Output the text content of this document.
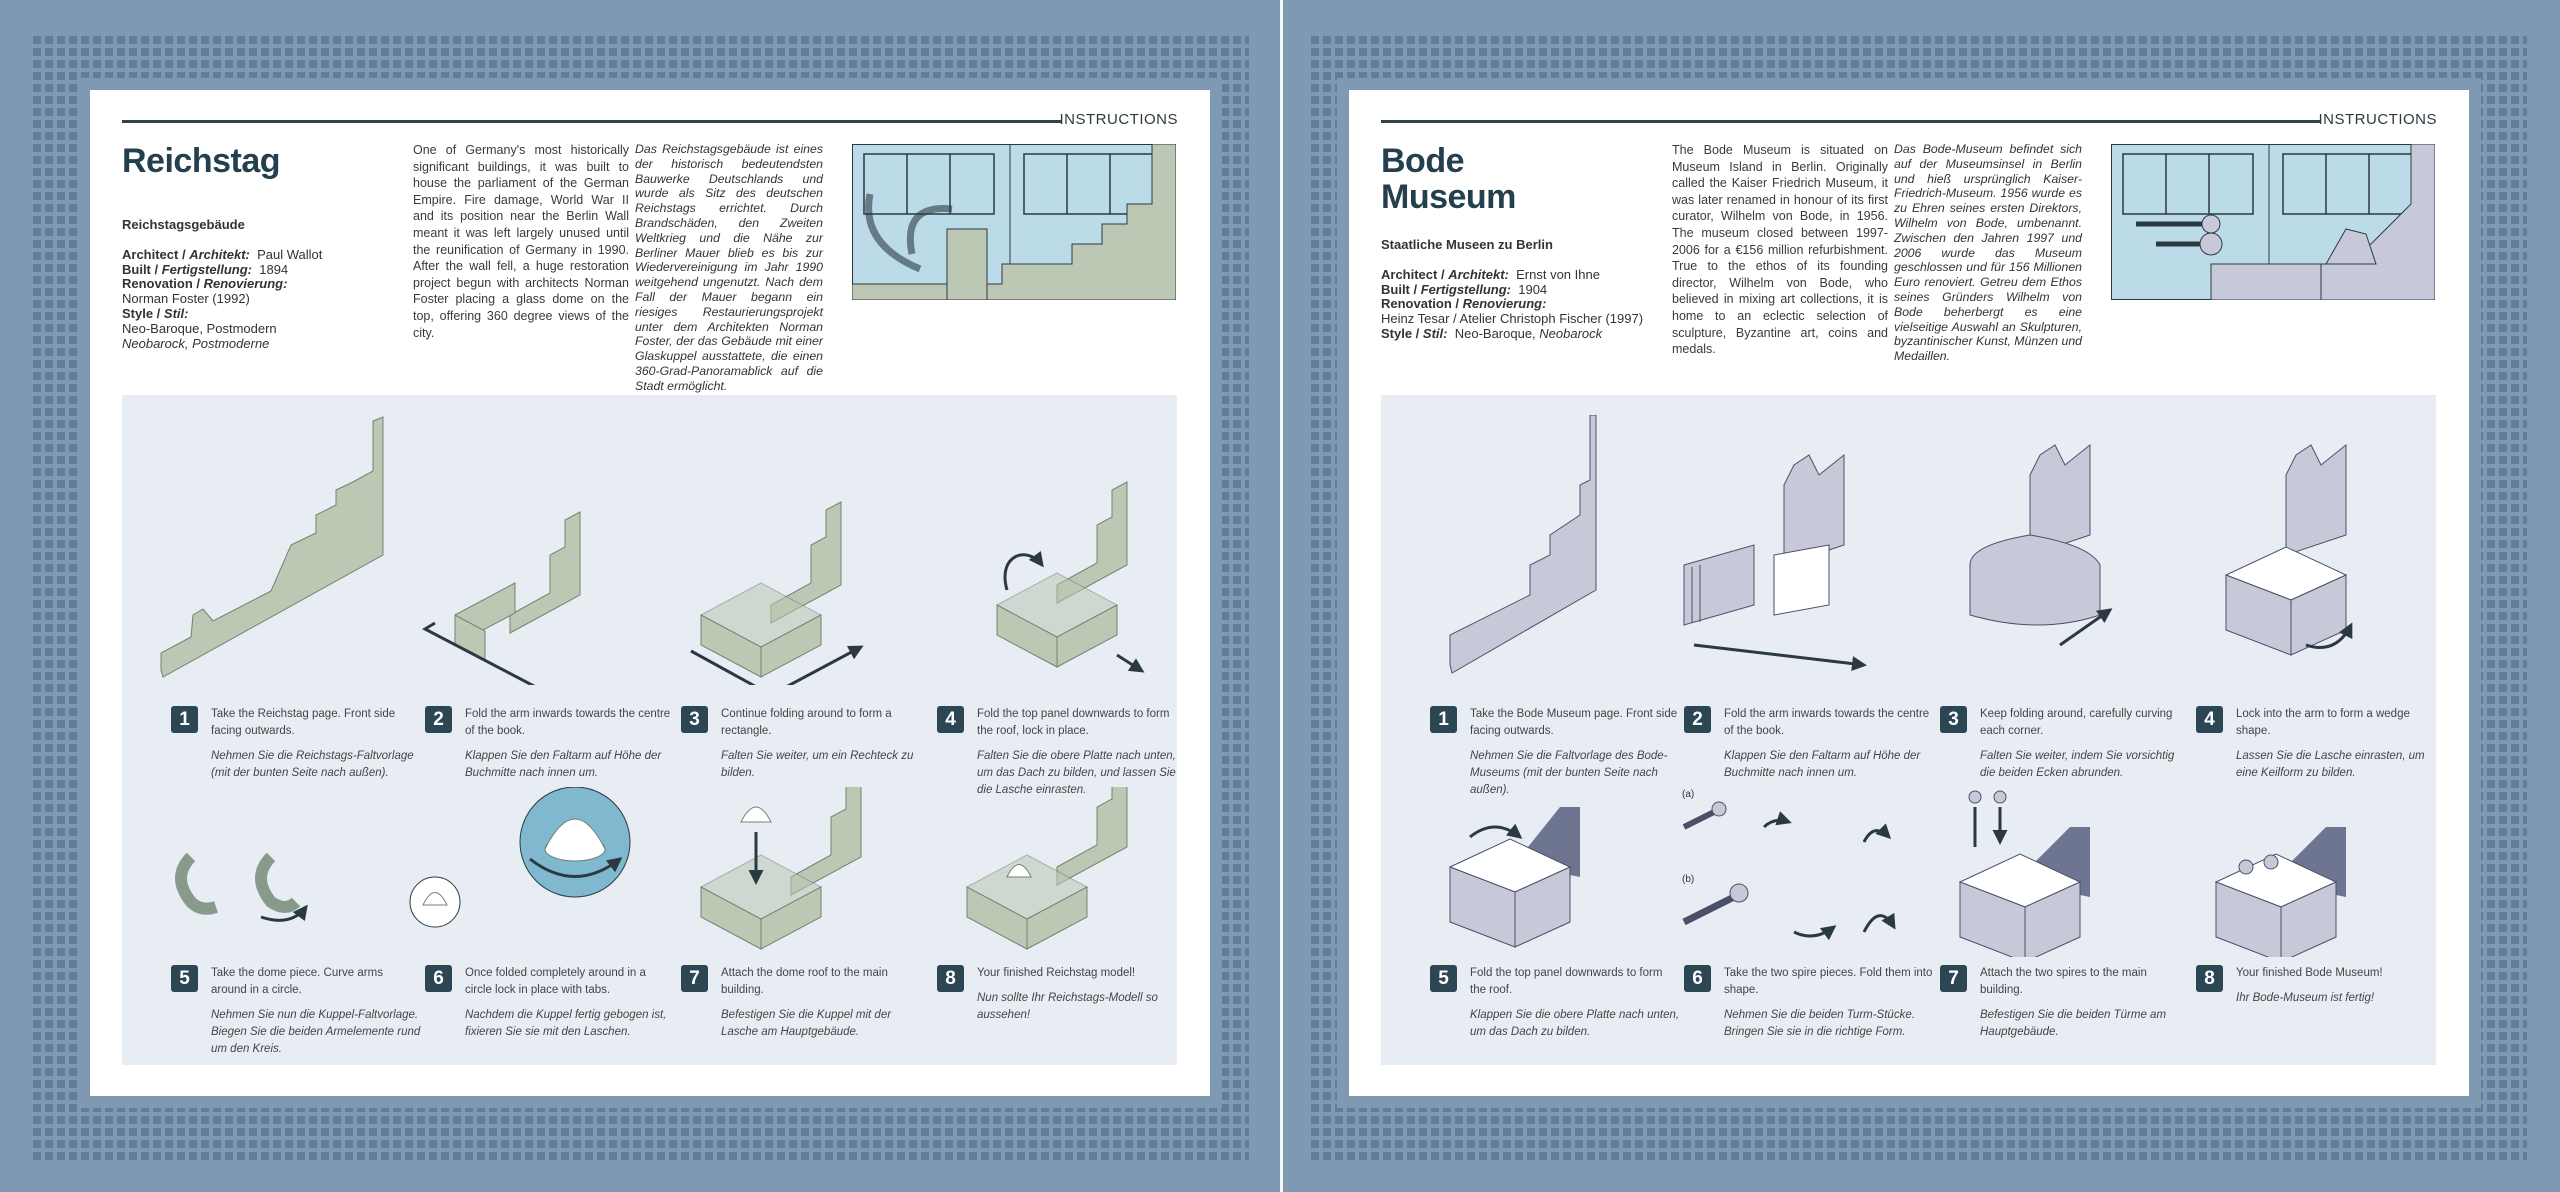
INSTRUCTIONS
Reichstag
Reichstagsgebäude
Architect / Architekt: Paul Wallot
Built / Fertigstellung: 1894
Renovation / Renovierung:
Norman Foster (1992)
Style / Stil:
Neo-Baroque, Postmodern
Neobarock, Postmoderne
One of Germany's most historically significant buildings, it was built to house the parliament of the German Empire. Fire damage, World War II and its position near the Berlin Wall meant it was left largely unused until the reunification of Germany in 1990. After the wall fell, a huge restoration project begun with architects Norman Foster placing a glass dome on the top, offering 360 degree views of the city.
Das Reichstagsgebäude ist eines der historisch bedeutendsten Bauwerke Deutschlands und wurde als Sitz des deutschen Reichstags errichtet. Durch Brandschäden, den Zweiten Weltkrieg und die Nähe zur Berliner Mauer blieb es bis zur Wiedervereinigung im Jahr 1990 weitgehend ungenutzt. Nach dem Fall der Mauer begann ein riesiges Restaurierungsprojekt unter dem Architekten Norman Foster, der das Gebäude mit einer Glaskuppel ausstattete, die einen 360-Grad-Panoramablick auf die Stadt ermöglicht.
1	Take the Reichstag page. Front side facing outwards.
Nehmen Sie die Reichstags-Faltvorlage (mit der bunten Seite nach außen).
2	Fold the arm inwards towards the centre of the book.
Klappen Sie den Faltarm auf Höhe der Buchmitte nach innen um.
3	Continue folding around to form a rectangle.
Falten Sie weiter, um ein Rechteck zu bilden.
4	Fold the top panel downwards to form the roof, lock in place.
Falten Sie die obere Platte nach unten, um das Dach zu bilden, und lassen Sie die Lasche einrasten.
5	Take the dome piece. Curve arms around in a circle.
Nehmen Sie nun die Kuppel-Faltvorlage. Biegen Sie die beiden Armelemente rund um den Kreis.
6	Once folded completely around in a circle lock in place with tabs.
Nachdem die Kuppel fertig gebogen ist, fixieren Sie sie mit den Laschen.
7	Attach the dome roof to the main building.
Befestigen Sie die Kuppel mit der Lasche am Hauptgebäude.
8	Your finished Reichstag model!
Nun sollte Ihr Reichstags-Modell so aussehen!
INSTRUCTIONS
Bode Museum
Staatliche Museen zu Berlin
Architect / Architekt: Ernst von Ihne
Built / Fertigstellung: 1904
Renovation / Renovierung:
Heinz Tesar / Atelier Christoph Fischer (1997)
Style / Stil: Neo-Baroque, Neobarock
The Bode Museum is situated on Museum Island in Berlin. Originally called the Kaiser Friedrich Museum, it was later renamed in honour of its first curator, Wilhelm von Bode, in 1956. The museum closed between 1997-2006 for a €156 million refurbishment. True to the ethos of its founding director, Wilhelm von Bode, who believed in mixing art collections, it is home to an eclectic selection of sculpture, Byzantine art, coins and medals.
Das Bode-Museum befindet sich auf der Museumsinsel in Berlin und hieß ursprünglich Kaiser-Friedrich-Museum. 1956 wurde es zu Ehren seines ersten Direktors, Wilhelm von Bode, umbenannt. Zwischen den Jahren 1997 und 2006 wurde das Museum geschlossen und für 156 Millionen Euro renoviert. Getreu dem Ethos seines Gründers Wilhelm von Bode beherbergt es eine vielseitige Auswahl an Skulpturen, byzantinischer Kunst, Münzen und Medaillen.
1	Take the Bode Museum page. Front side facing outwards.
Nehmen Sie die Faltvorlage des Bode-Museums (mit der bunten Seite nach außen).
2	Fold the arm inwards towards the centre of the book.
Klappen Sie den Faltarm auf Höhe der Buchmitte nach innen um.
3	Keep folding around, carefully curving each corner.
Falten Sie weiter, indem Sie vorsichtig die beiden Ecken abrunden.
4	Lock into the arm to form a wedge shape.
Lassen Sie die Lasche einrasten, um eine Keilform zu bilden.
5	Fold the top panel downwards to form the roof.
Klappen Sie die obere Platte nach unten, um das Dach zu bilden.
(a)
(b)
6	Take the two spire pieces. Fold them into shape.
Nehmen Sie die beiden Turm-Stücke. Bringen Sie sie in die richtige Form.
7	Attach the two spires to the main building.
Befestigen Sie die beiden Türme am Hauptgebäude.
8	Your finished Bode Museum!
Ihr Bode-Museum ist fertig!
